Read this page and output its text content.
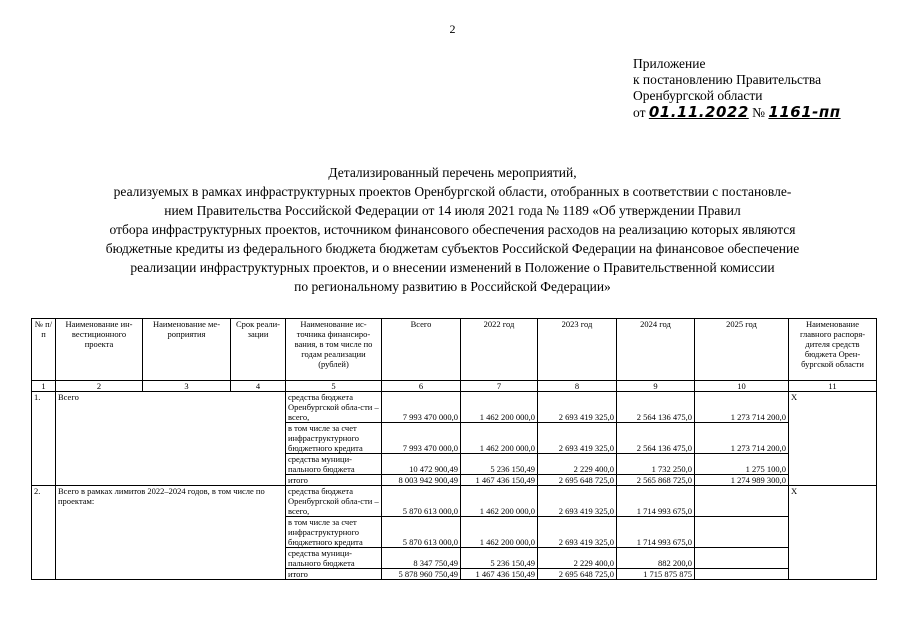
2
Приложение
к постановлению Правительства
Оренбургской области
от 01.11.2022 № 1161-пп
Детализированный перечень мероприятий,
реализуемых в рамках инфраструктурных проектов Оренбургской области, отобранных в соответствии с постановле-
нием Правительства Российской Федерации от 14 июля 2021 года № 1189 «Об утверждении Правил
отбора инфраструктурных проектов, источником финансового обеспечения расходов на реализацию которых являются
бюджетные кредиты из федерального бюджета бюджетам субъектов Российской Федерации на финансовое обеспечение
реализации инфраструктурных проектов, и о внесении изменений в Положение о Правительственной комиссии
по региональному развитию в Российской Федерации»
№ п/п	Наименование ин-вестиционного проекта	Наименование ме-роприятия	Срок реали-зации	Наименование ис-точника финансиро-вания, в том числе по годам реализации (рублей)	Всего	2022 год	2023 год	2024 год	2025 год	Наименование главного распоря-дителя средств бюджета Орен-бургской области
1	2	3	4	5	6	7	8	9	10	11
1.	Всего			средства бюджета Оренбургской обла-сти – всего,	7 993 470 000,0	1 462 200 000,0	2 693 419 325,0	2 564 136 475,0	1 273 714 200,0	Х
				в том числе за счет инфраструктурного бюджетного кредита	7 993 470 000,0	1 462 200 000,0	2 693 419 325,0	2 564 136 475,0	1 273 714 200,0	
				средства муници-пального бюджета	10 472 900,49	5 236 150,49	2 229 400,0	1 732 250,0	1 275 100,0	
				итого	8 003 942 900,49	1 467 436 150,49	2 695 648 725,0	2 565 868 725,0	1 274 989 300,0	
2.	Всего в рамках лимитов 2022–2024 годов, в том числе по проектам:			средства бюджета Оренбургской обла-сти – всего,	5 870 613 000,0	1 462 200 000,0	2 693 419 325,0	1 714 993 675,0		Х
				в том числе за счет инфраструктурного бюджетного кредита	5 870 613 000,0	1 462 200 000,0	2 693 419 325,0	1 714 993 675,0		
				средства муници-пального бюджета	8 347 750,49	5 236 150,49	2 229 400,0	882 200,0		
				итого	5 878 960 750,49	1 467 436 150,49	2 695 648 725,0	1 715 875 875		
